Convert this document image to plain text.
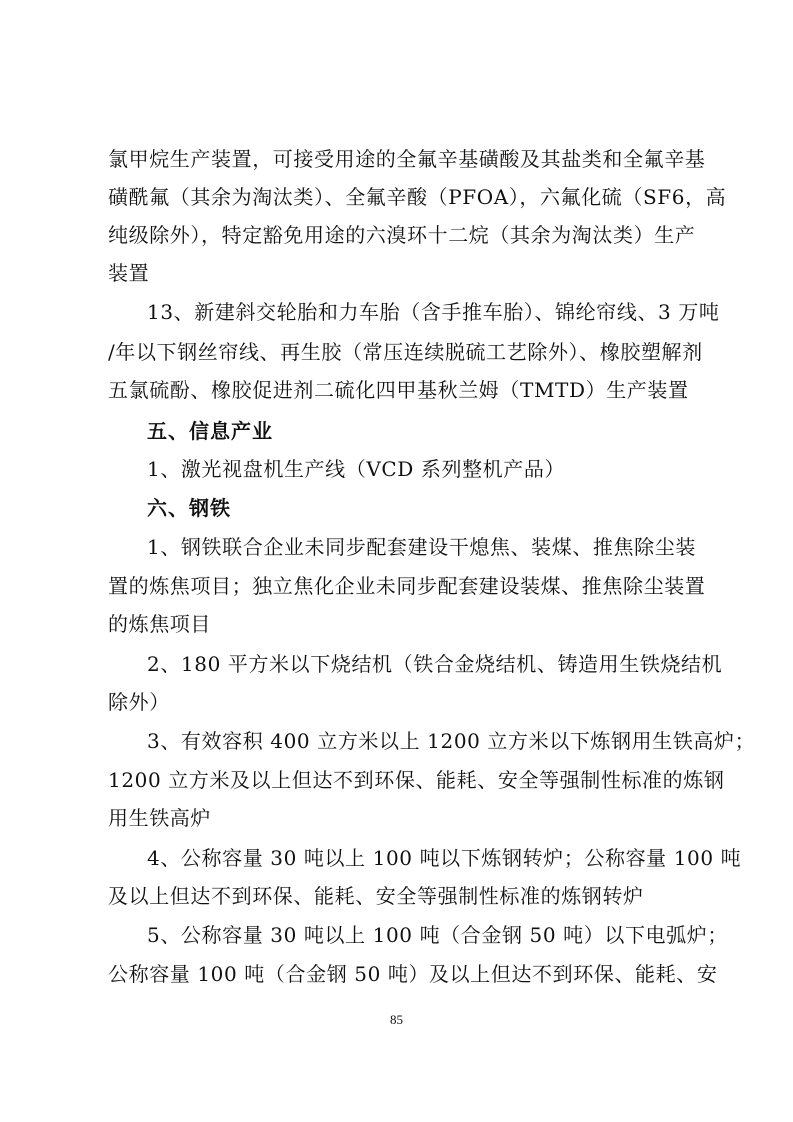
氯甲烷生产装置，可接受用途的全氟辛基磺酸及其盐类和全氟辛基
磺酰氟（其余为淘汰类）、全氟辛酸（PFOA），六氟化硫（SF6，高
纯级除外），特定豁免用途的六溴环十二烷（其余为淘汰类）生产
装置
13、新建斜交轮胎和力车胎（含手推车胎）、锦纶帘线、3 万吨
/年以下钢丝帘线、再生胶（常压连续脱硫工艺除外）、橡胶塑解剂
五氯硫酚、橡胶促进剂二硫化四甲基秋兰姆（TMTD）生产装置
五、信息产业
1、激光视盘机生产线（VCD 系列整机产品）
六、钢铁
1、钢铁联合企业未同步配套建设干熄焦、装煤、推焦除尘装
置的炼焦项目；独立焦化企业未同步配套建设装煤、推焦除尘装置
的炼焦项目
2、180 平方米以下烧结机（铁合金烧结机、铸造用生铁烧结机
除外）
3、有效容积 400 立方米以上 1200 立方米以下炼钢用生铁高炉；
1200 立方米及以上但达不到环保、能耗、安全等强制性标准的炼钢
用生铁高炉
4、公称容量 30 吨以上 100 吨以下炼钢转炉；公称容量 100 吨
及以上但达不到环保、能耗、安全等强制性标准的炼钢转炉
5、公称容量 30 吨以上 100 吨（合金钢 50 吨）以下电弧炉；
公称容量 100 吨（合金钢 50 吨）及以上但达不到环保、能耗、安
85
